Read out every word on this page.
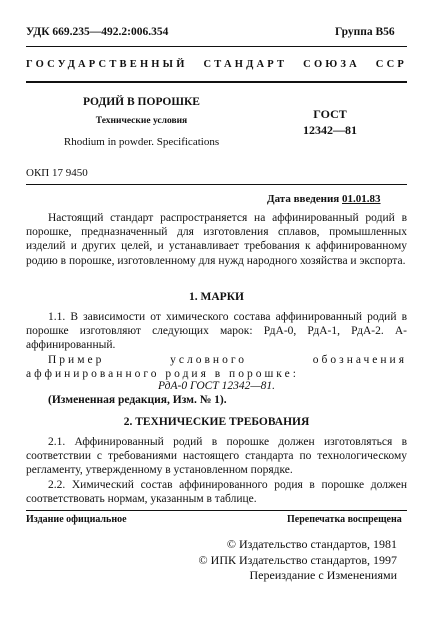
УДК 669.235—492.2:006.354	Группа В56
ГОСУДАРСТВЕННЫЙ СТАНДАРТ СОЮЗА ССР
РОДИЙ В ПОРОШКЕ
Технические условия
Rhodium in powder. Specifications
ГОСТ
12342—81
ОКП 17 9450
Дата введения 01.01.83
Настоящий стандарт распространяется на аффинированный родий в порошке, предназначенный для изготовления сплавов, промышленных изделий и других целей, и устанавливает требования к аффинированному родию в порошке, изготовленному для нужд народного хозяйства и экспорта.
1. МАРКИ
1.1. В зависимости от химического состава аффинированный родий в порошке изготовляют следующих марок: РдА-0, РдА-1, РдА-2. А-аффинированный.
Пример условного обозначения аффинированного родия в порошке:
РдА-0 ГОСТ 12342—81.
(Измененная редакция, Изм. № 1).
2. ТЕХНИЧЕСКИЕ ТРЕБОВАНИЯ
2.1. Аффинированный родий в порошке должен изготовляться в соответствии с требованиями настоящего стандарта по технологическому регламенту, утвержденному в установленном порядке.
2.2. Химический состав аффинированного родия в порошке должен соответствовать нормам, указанным в таблице.
Издание официальное	Перепечатка воспрещена
© Издательство стандартов, 1981
© ИПК Издательство стандартов, 1997
Переиздание с Изменениями
